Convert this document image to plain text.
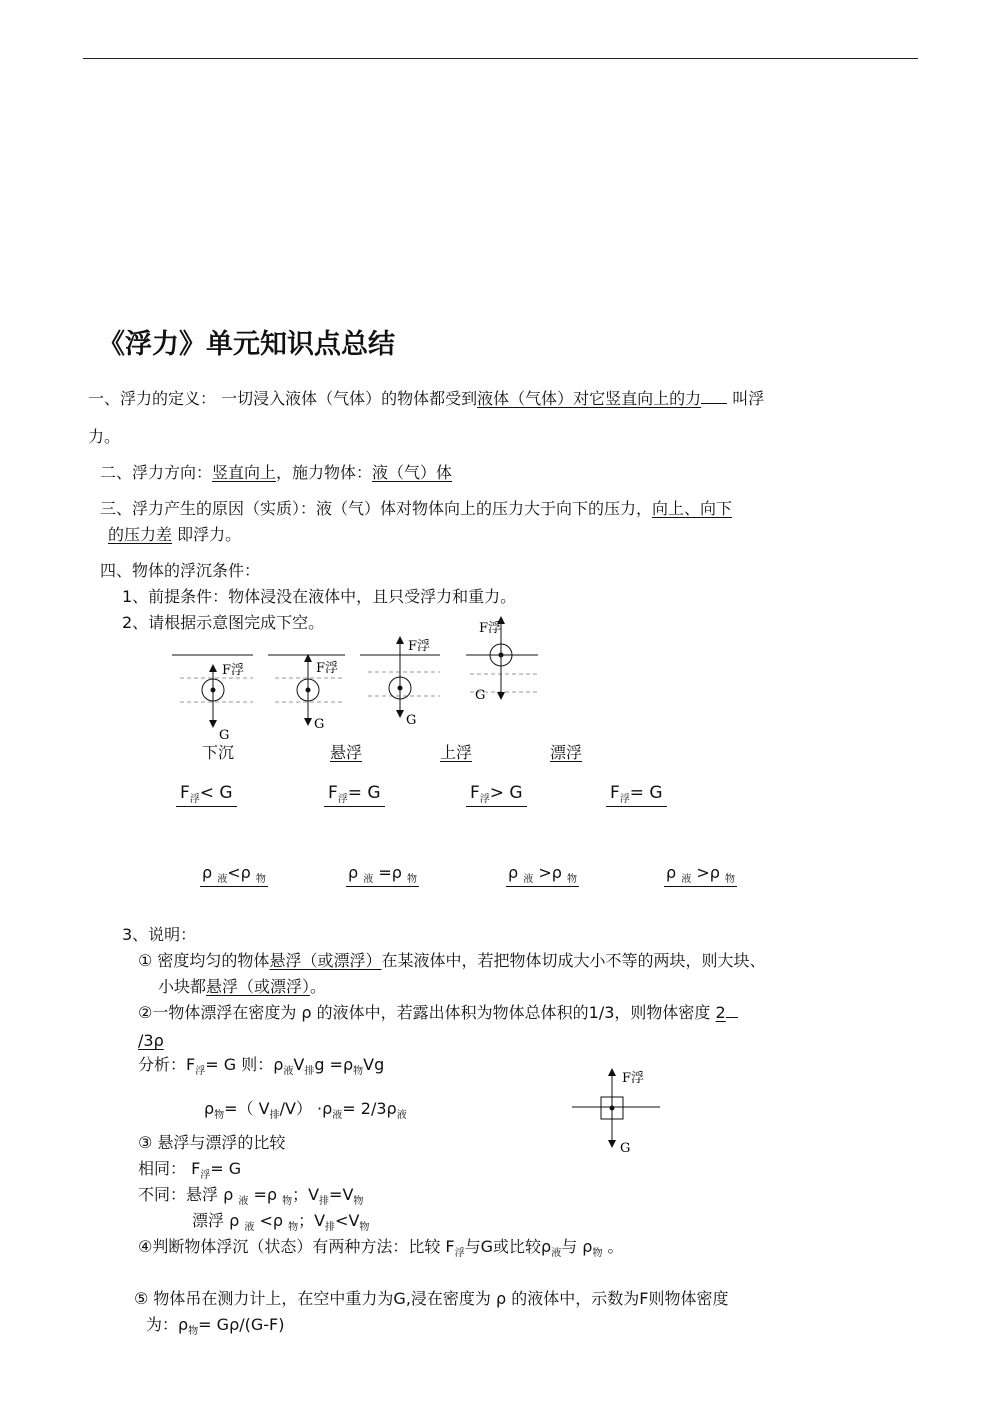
《浮力》单元知识点总结
一、浮力的定义： 一切浸入液体（气体）的物体都受到液体（气体）对它竖直向上的力 叫浮
力。
二、浮力方向：竖直向上，施力物体：液（气）体
三、浮力产生的原因（实质）：液（气）体对物体向上的压力大于向下的压力，向上、向下
的压力差 即浮力。
四、物体的浮沉条件：
1、前提条件：物体浸没在液体中，且只受浮力和重力。
2、请根据示意图完成下空。
F浮
G
F浮
G
F浮
G
F浮
G
下沉	悬浮	上浮	漂浮
$F_浮< G$	$F_浮= G$	$F_浮> G$	$F_浮= G$
ρ $_液$<ρ $_物$	ρ $_液$ =ρ $_物$	ρ $_液$ >ρ $_物$	ρ $_液$ >ρ $_物$
3、说明：
① 密度均匀的物体悬浮（或漂浮）在某液体中，若把物体切成大小不等的两块，则大块、
小块都悬浮（或漂浮）。
②一物体漂浮在密度为 ρ 的液体中，若露出体积为物体总体积的1/3，则物体密度 2
/3ρ
分析：$F_浮= G$ 则：$\rho_液V_排g =\rho_物Vg$
$\rho_物=$（ $V_排/V) \cdot\rho_液= 2/3\rho_液$
F浮
G
③ 悬浮与漂浮的比较
相同： $F_浮= G$
不同：悬浮 ρ $_液$ =ρ $_物$；$V_排=V_物$
漂浮 ρ $_液$ <ρ $_物$；$V_排<V_物$
④判断物体浮沉（状态）有两种方法：比较 $F_浮$与G或比较$\rho_液$与 $\rho_物$ 。
⑤ 物体吊在测力计上，在空中重力为G,浸在密度为 ρ 的液体中，示数为F则物体密度
为：$\rho_物= G\rho/(G-F)$
